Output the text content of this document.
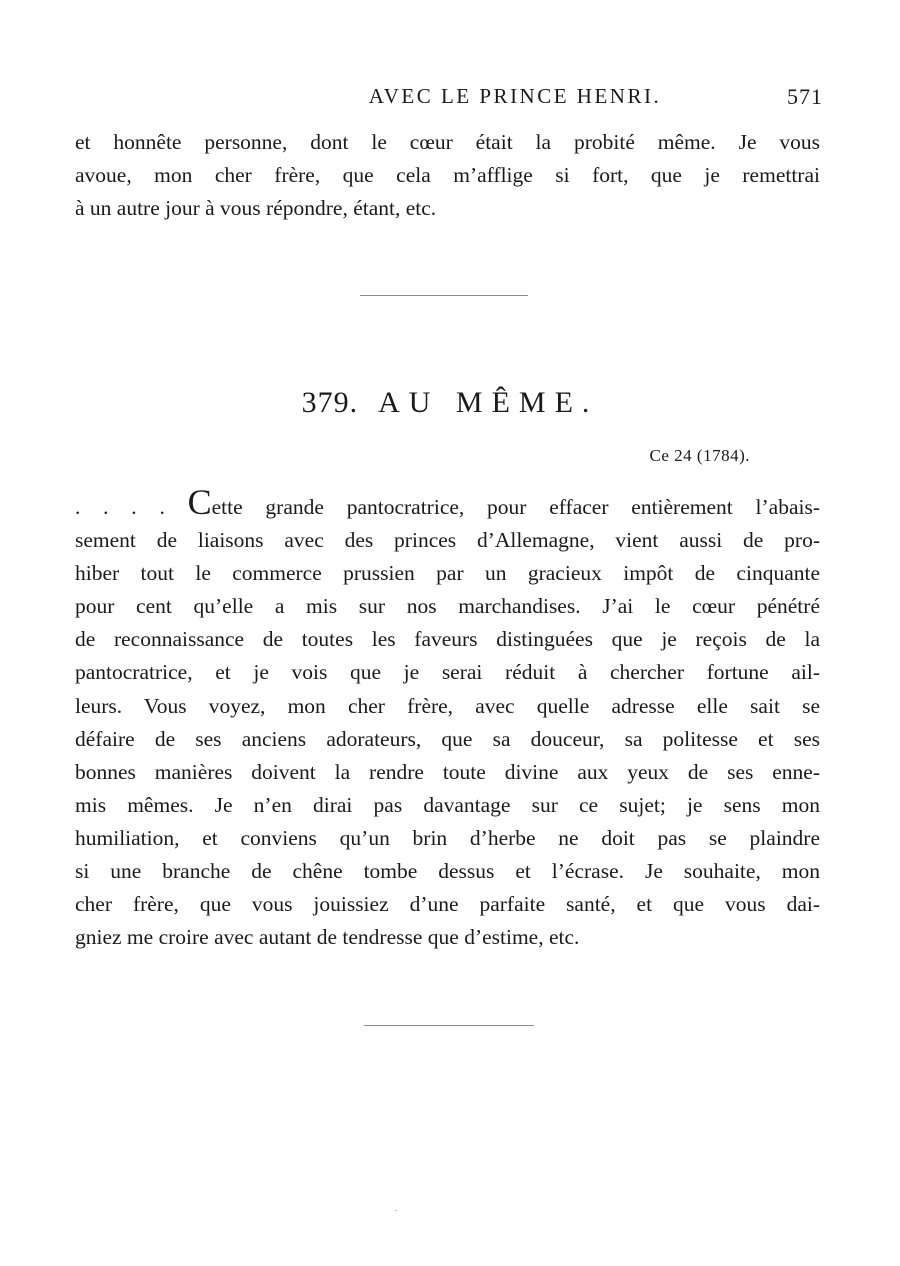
AVEC LE PRINCE HENRI.	571

et honnête personne, dont le cœur était la probité même. Je vous
avoue, mon cher frère, que cela m’afflige si fort, que je remettrai
à un autre jour à vous répondre, étant, etc.

379. AU MÊME.
Ce 24 (1784).

. . . . Cette grande pantocratrice, pour effacer entièrement l’abais-
sement de liaisons avec des princes d’Allemagne, vient aussi de pro-
hiber tout le commerce prussien par un gracieux impôt de cinquante
pour cent qu’elle a mis sur nos marchandises. J’ai le cœur pénétré
de reconnaissance de toutes les faveurs distinguées que je reçois de la
pantocratrice, et je vois que je serai réduit à chercher fortune ail-
leurs. Vous voyez, mon cher frère, avec quelle adresse elle sait se
défaire de ses anciens adorateurs, que sa douceur, sa politesse et ses
bonnes manières doivent la rendre toute divine aux yeux de ses enne-
mis mêmes. Je n’en dirai pas davantage sur ce sujet; je sens mon
humiliation, et conviens qu’un brin d’herbe ne doit pas se plaindre
si une branche de chêne tombe dessus et l’écrase. Je souhaite, mon
cher frère, que vous jouissiez d’une parfaite santé, et que vous dai-
gniez me croire avec autant de tendresse que d’estime, etc.
